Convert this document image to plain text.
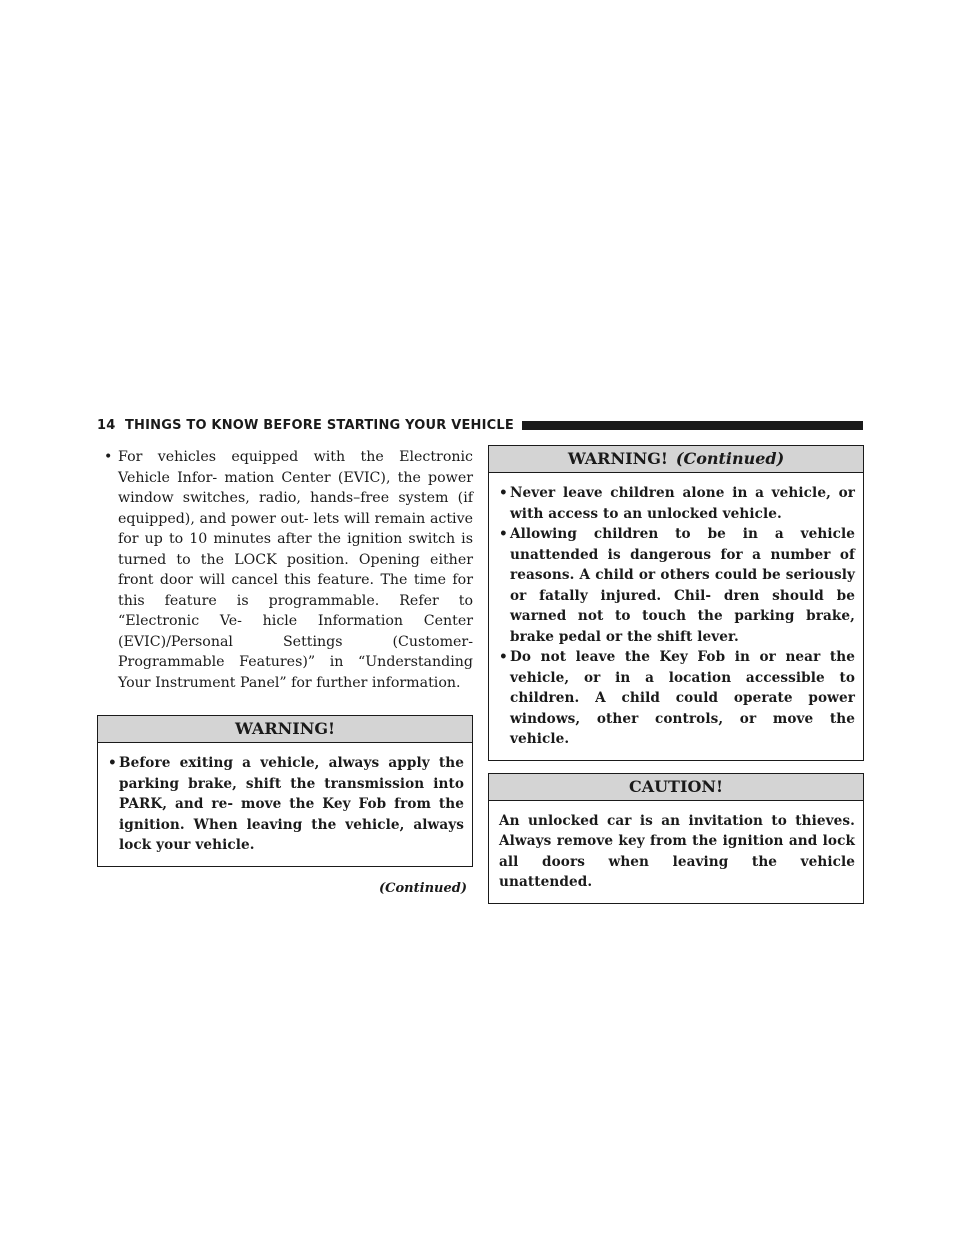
14 THINGS TO KNOW BEFORE STARTING YOUR VEHICLE
• For vehicles equipped with the Electronic Vehicle Infor- mation Center (EVIC), the power window switches, radio, hands–free system (if equipped), and power out- lets will remain active for up to 10 minutes after the ignition switch is turned to the LOCK position. Opening either front door will cancel this feature. The time for this feature is programmable. Refer to “Electronic Ve- hicle Information Center (EVIC)/Personal Settings (Customer-Programmable Features)” in “Understanding Your Instrument Panel” for further information.
WARNING!
• Before exiting a vehicle, always apply the parking brake, shift the transmission into PARK, and re- move the Key Fob from the ignition. When leaving the vehicle, always lock your vehicle.
(Continued)
WARNING! (Continued)
• Never leave children alone in a vehicle, or with access to an unlocked vehicle.
• Allowing children to be in a vehicle unattended is dangerous for a number of reasons. A child or others could be seriously or fatally injured. Chil- dren should be warned not to touch the parking brake, brake pedal or the shift lever.
• Do not leave the Key Fob in or near the vehicle, or in a location accessible to children. A child could operate power windows, other controls, or move the vehicle.
CAUTION!
An unlocked car is an invitation to thieves. Always remove key from the ignition and lock all doors when leaving the vehicle unattended.
